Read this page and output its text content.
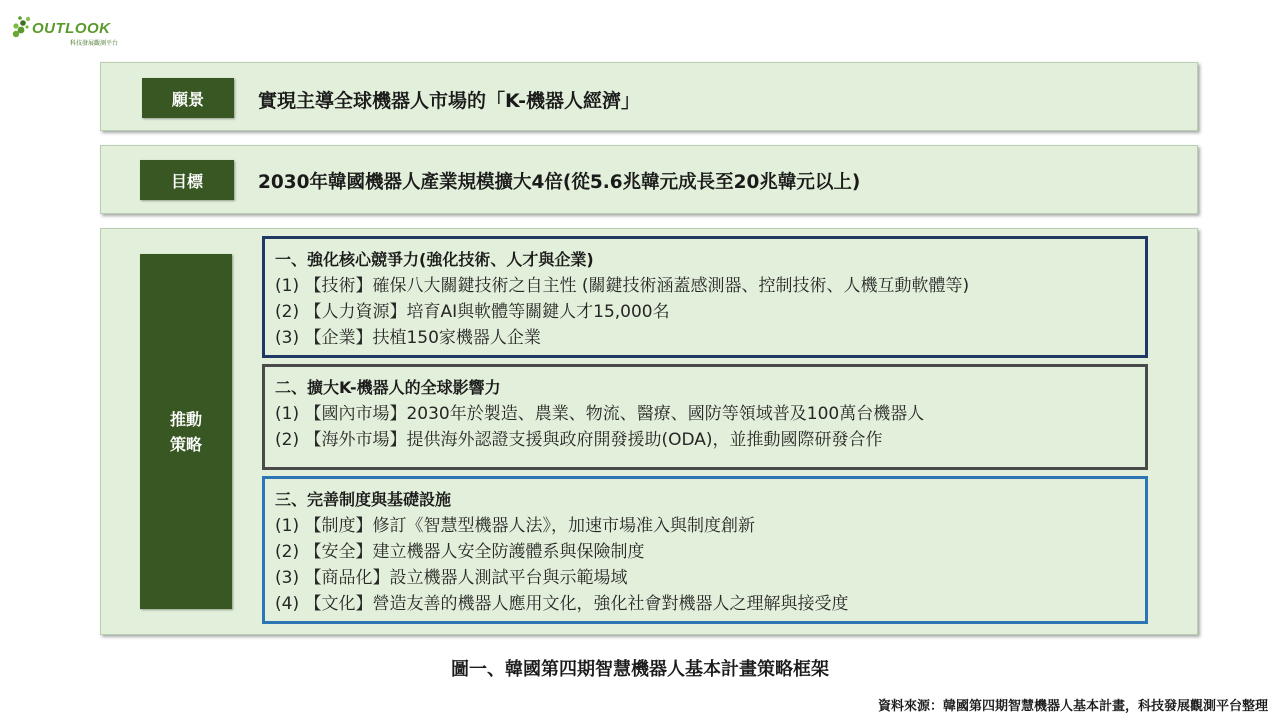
OUTLOOK
科技發展觀測平台
願景	實現主導全球機器人市場的「K-機器人經濟」
目標	2030年韓國機器人產業規模擴大4倍(從5.6兆韓元成長至20兆韓元以上)
推動
策略
一、強化核心競爭力(強化技術、人才與企業)
(1) 【技術】確保八大關鍵技術之自主性 (關鍵技術涵蓋感測器、控制技術、人機互動軟體等)
(2) 【人力資源】培育AI與軟體等關鍵人才15,000名
(3) 【企業】扶植150家機器人企業
二、擴大K-機器人的全球影響力
(1) 【國內市場】2030年於製造、農業、物流、醫療、國防等領域普及100萬台機器人
(2) 【海外市場】提供海外認證支援與政府開發援助(ODA)，並推動國際研發合作
三、完善制度與基礎設施
(1) 【制度】修訂《智慧型機器人法》，加速市場准入與制度創新
(2) 【安全】建立機器人安全防護體系與保險制度
(3) 【商品化】設立機器人測試平台與示範場域
(4) 【文化】營造友善的機器人應用文化，強化社會對機器人之理解與接受度
圖一、韓國第四期智慧機器人基本計畫策略框架
資料來源：韓國第四期智慧機器人基本計畫，科技發展觀測平台整理
